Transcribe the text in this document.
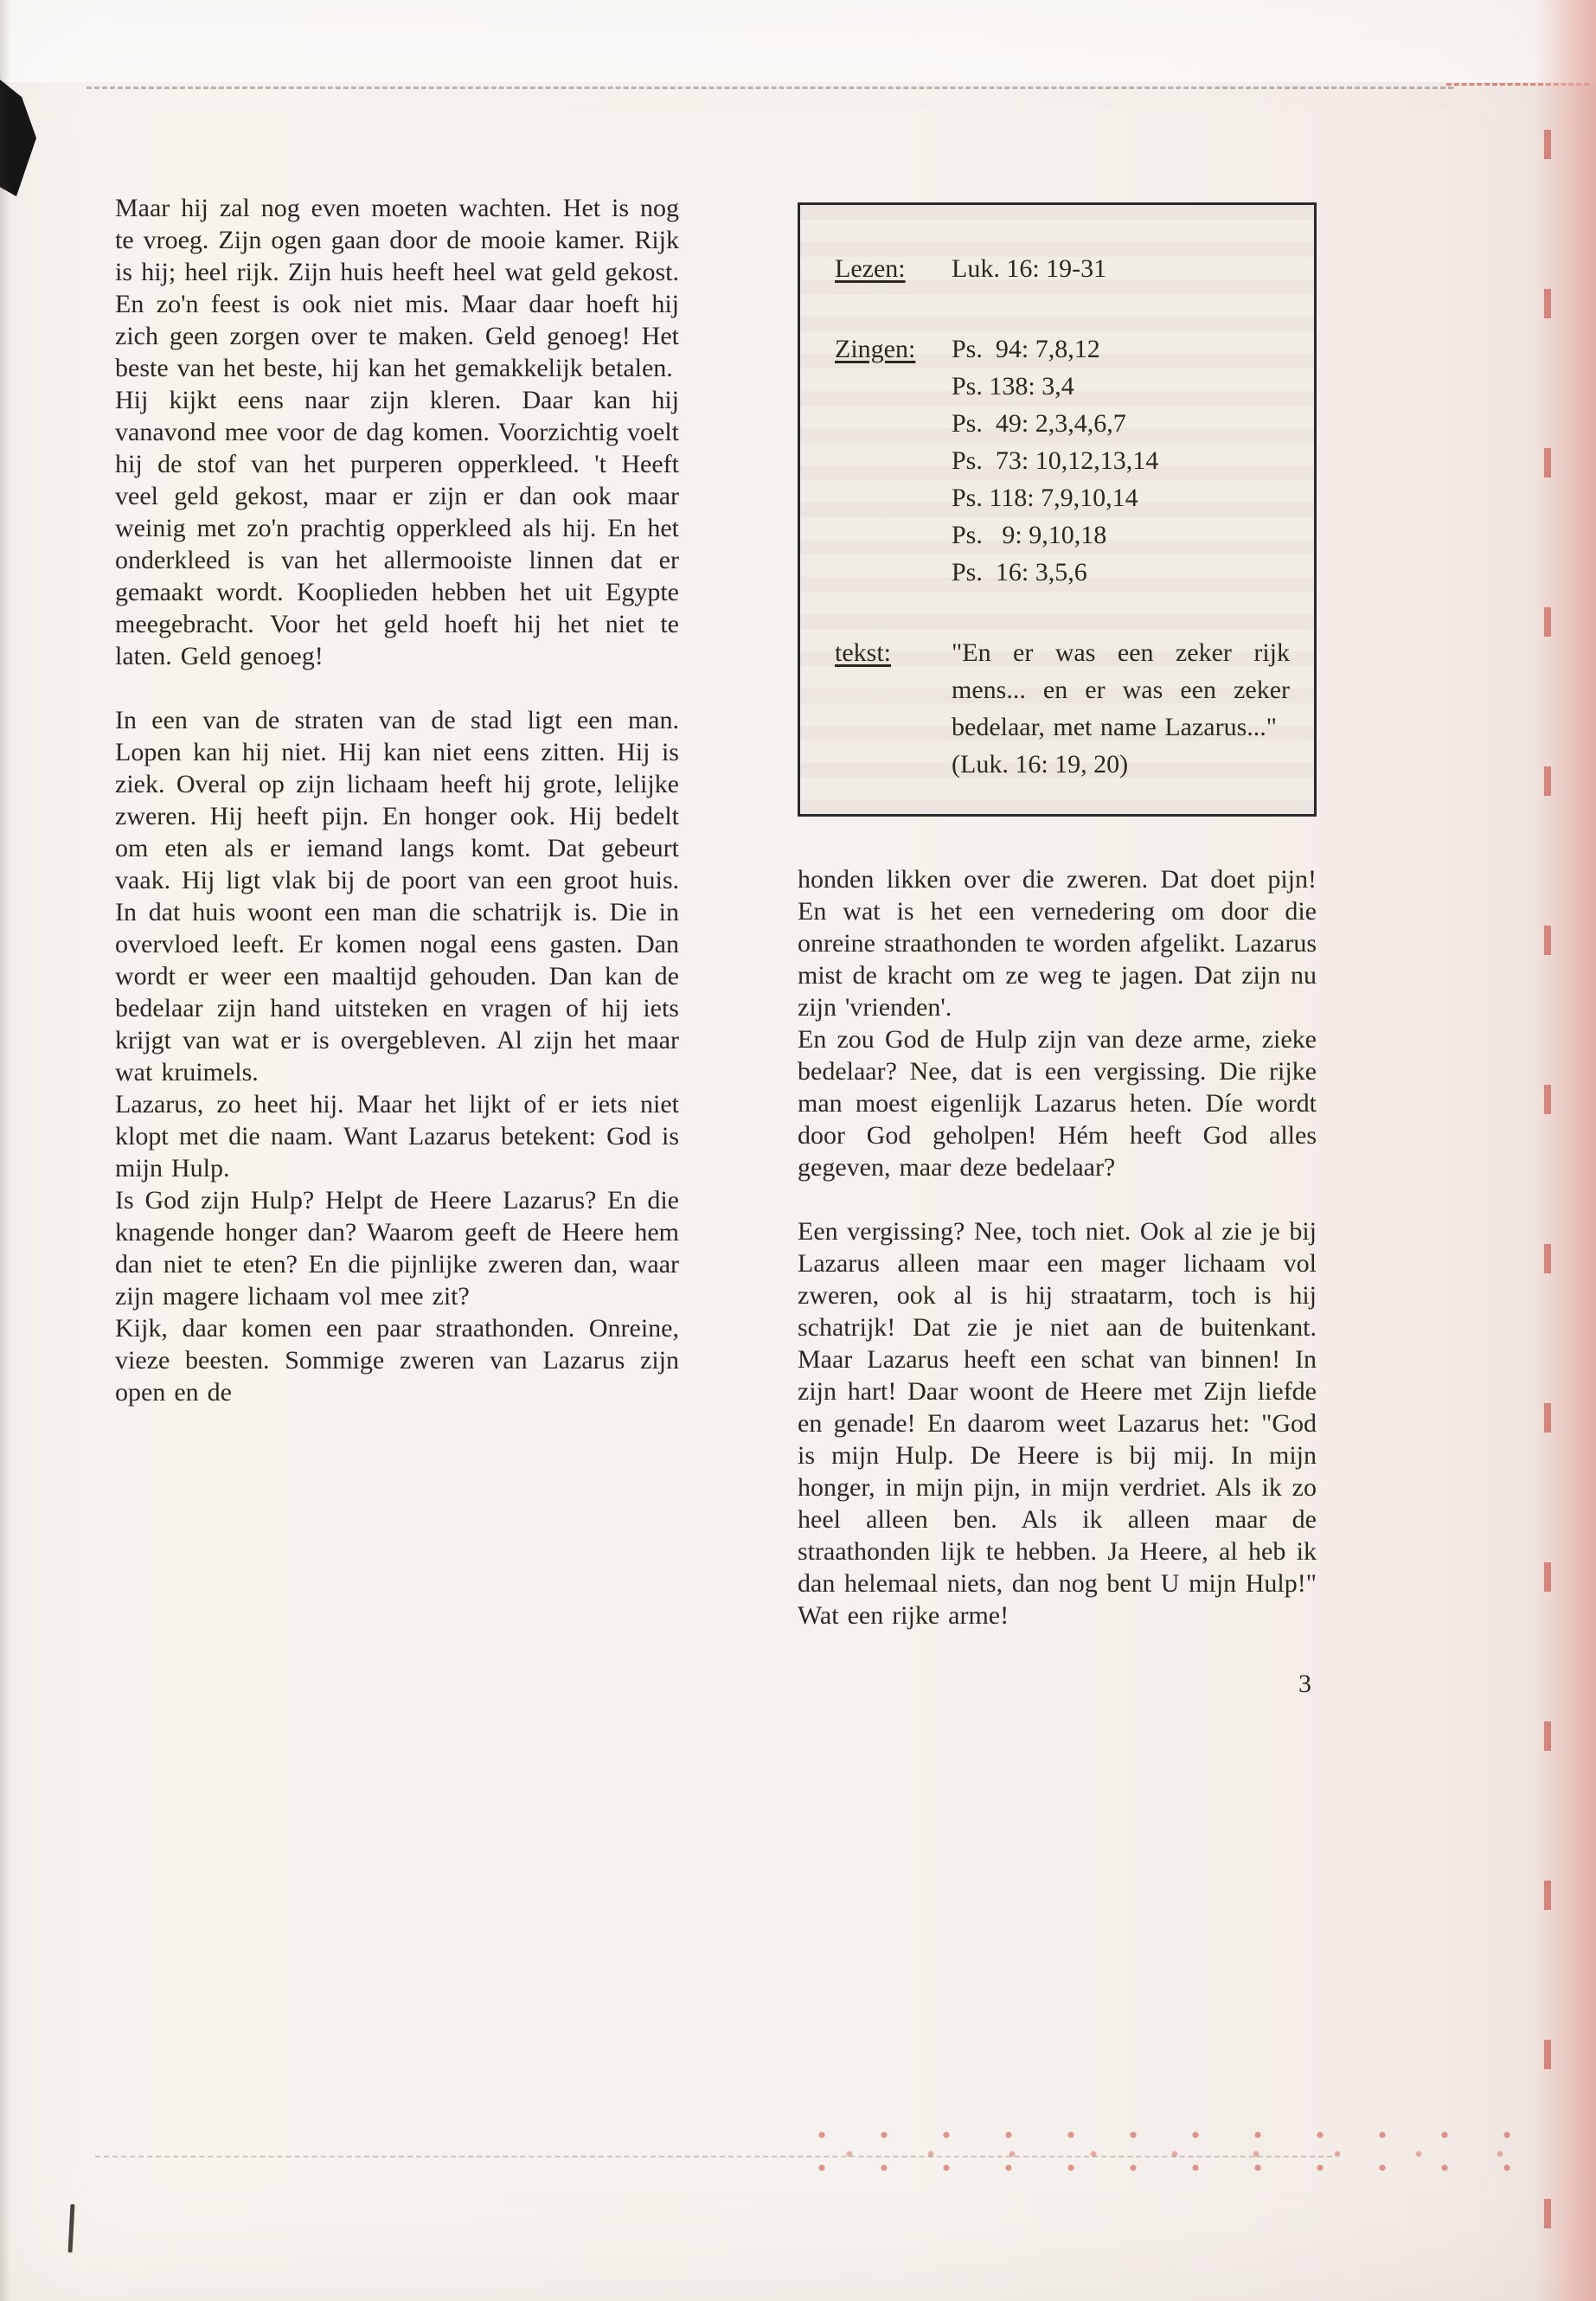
Maar hij zal nog even moeten wachten. Het is nog te vroeg. Zijn ogen gaan door de mooie kamer. Rijk is hij; heel rijk. Zijn huis heeft heel wat geld gekost. En zo'n feest is ook niet mis. Maar daar hoeft hij zich geen zorgen over te maken. Geld genoeg! Het beste van het beste, hij kan het gemakkelijk betalen.

Hij kijkt eens naar zijn kleren. Daar kan hij vanavond mee voor de dag komen. Voorzichtig voelt hij de stof van het purperen opperkleed. 't Heeft veel geld gekost, maar er zijn er dan ook maar weinig met zo'n prachtig opperkleed als hij. En het onderkleed is van het allermooiste linnen dat er gemaakt wordt. Kooplieden hebben het uit Egypte meegebracht. Voor het geld hoeft hij het niet te laten. Geld genoeg!

In een van de straten van de stad ligt een man. Lopen kan hij niet. Hij kan niet eens zitten. Hij is ziek. Overal op zijn lichaam heeft hij grote, lelijke zweren. Hij heeft pijn. En honger ook. Hij bedelt om eten als er iemand langs komt. Dat gebeurt vaak. Hij ligt vlak bij de poort van een groot huis. In dat huis woont een man die schatrijk is. Die in overvloed leeft. Er komen nogal eens gasten. Dan wordt er weer een maaltijd gehouden. Dan kan de bedelaar zijn hand uitsteken en vragen of hij iets krijgt van wat er is overgebleven. Al zijn het maar wat kruimels.

Lazarus, zo heet hij. Maar het lijkt of er iets niet klopt met die naam. Want Lazarus betekent: God is mijn Hulp.

Is God zijn Hulp? Helpt de Heere Lazarus? En die knagende honger dan? Waarom geeft de Heere hem dan niet te eten? En die pijnlijke zweren dan, waar zijn magere lichaam vol mee zit?

Kijk, daar komen een paar straathonden. Onreine, vieze beesten. Sommige zweren van Lazarus zijn open en de

Lezen:	Luk. 16: 19-31
Zingen:	Ps.  94: 7,8,12
Ps. 138: 3,4
Ps.  49: 2,3,4,6,7
Ps.  73: 10,12,13,14
Ps. 118: 7,9,10,14
Ps.   9: 9,10,18
Ps.  16: 3,5,6
tekst:	"En er was een zeker rijk mens... en er was een zeker bedelaar, met name Lazarus..."
(Luk. 16: 19, 20)

honden likken over die zweren. Dat doet pijn! En wat is het een vernedering om door die onreine straathonden te worden afgelikt. Lazarus mist de kracht om ze weg te jagen. Dat zijn nu zijn 'vrienden'.

En zou God de Hulp zijn van deze arme, zieke bedelaar? Nee, dat is een vergissing. Die rijke man moest eigenlijk Lazarus heten. Díe wordt door God geholpen! Hém heeft God alles gegeven, maar deze bedelaar?

Een vergissing? Nee, toch niet. Ook al zie je bij Lazarus alleen maar een mager lichaam vol zweren, ook al is hij straatarm, toch is hij schatrijk! Dat zie je niet aan de buitenkant. Maar Lazarus heeft een schat van binnen! In zijn hart! Daar woont de Heere met Zijn liefde en genade! En daarom weet Lazarus het: "God is mijn Hulp. De Heere is bij mij. In mijn honger, in mijn pijn, in mijn verdriet. Als ik zo heel alleen ben. Als ik alleen maar de straathonden lijk te hebben. Ja Heere, al heb ik dan helemaal niets, dan nog bent U mijn Hulp!" Wat een rijke arme!

3
